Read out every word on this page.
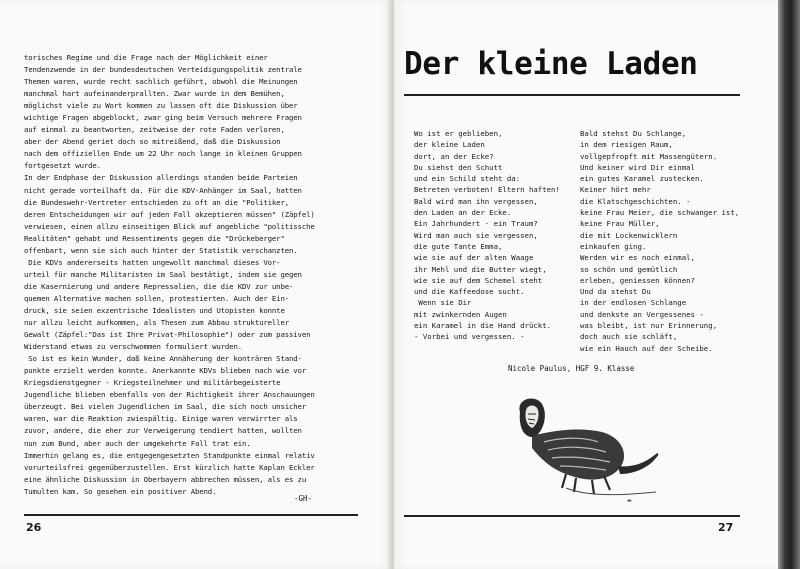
torisches Regime und die Frage nach der Möglichkeit einer
Tendenzwende in der bundesdeutschen Verteidigungspolitik zentrale
Themen waren, wurde recht sachlich geführt, obwohl die Meinungen
manchmal hart aufeinanderprallten. Zwar wurde in dem Bemühen,
möglichst viele zu Wort kommen zu lassen oft die Diskussion über
wichtige Fragen abgeblockt, zwar ging beim Versuch mehrere Fragen
auf einmal zu beantworten, zeitweise der rote Faden verloren,
aber der Abend geriet doch so mitreißend, daß die Diskussion
nach dem offiziellen Ende um 22 Uhr noch lange in kleinen Gruppen
fortgesetzt wurde.
In der Endphase der Diskussion allerdings standen beide Parteien
nicht gerade vorteilhaft da. Für die KDV-Anhänger im Saal, hatten
die Bundeswehr-Vertreter entschieden zu oft an die "Politiker,
deren Entscheidungen wir auf jeden Fall akzeptieren müssen" (Zäpfel)
verwiesen, einen allzu einseitigen Blick auf angebliche "politissche
Realitäten" gehabt und Ressentiments gegen die "Drückeberger"
offenbart, wenn sie sich auch hinter der Statistik verschanzten.
Die KDVs andererseits hatten ungewollt manchmal dieses Vor-
urteil für manche Militaristen im Saal bestätigt, indem sie gegen
die Kasernierung und andere Repressalien, die die KDV zur unbe-
quemen Alternative machen sollen, protestierten. Auch der Ein-
druck, sie seien exzentrische Idealisten und Utopisten konnte
nur allzu leicht aufkommen, als Thesen zum Abbau struktureller
Gewalt (Zäpfel:"Das ist Ihre Privat-Philosophie") oder zum passiven
Widerstand etwas zu verschwommen formuliert wurden.
So ist es kein Wunder, daß keine Annäherung der konträren Stand-
punkte erzielt werden konnte. Anerkannte KDVs blieben nach wie vor
Kriegsdienstgegner - Kriegsteilnehmer und militärbegeisterte
Jugendliche blieben ebenfalls von der Richtigkeit ihrer Anschauungen
überzeugt. Bei vielen Jugendlichen im Saal, die sich noch unsicher
waren, war die Reaktion zwiespältig. Einige waren verwirrter als
zuvor, andere, die eher zur Verweigerung tendiert hatten, wollten
nun zum Bund, aber auch der umgekehrte Fall trat ein.
Immerhin gelang es, die entgegengesetzten Standpunkte einmal relativ
vorurteilsfrei gegenüberzustellen. Erst kürzlich hatte Kaplan Eckler
eine ähnliche Diskussion in Oberbayern abbrechen müssen, als es zu
Tumulten kam. So gesehen ein positiver Abend.
-GH-
26
Der kleine Laden
Wo ist er geblieben,
der kleine Laden
dort, an der Ecke?
Du siehst den Schutt
und ein Schild steht da:
Betreten verboten! Eltern haften!
Bald wird man ihn vergessen,
den Laden an der Ecke.
Ein Jahrhundert - ein Traum?
Wird man auch sie vergessen,
die gute Tante Emma,
wie sie auf der alten Waage
ihr Mehl und die Butter wiegt,
wie sie auf dem Schemel steht
und die Kaffeedose sucht.
Wenn sie Dir
mit zwinkernden Augen
ein Karamel in die Hand drückt.
- Vorbei und vergessen. -
Bald stehst Du Schlange,
in dem riesigen Raum,
vollgepfropft mit Massengütern.
Und keiner wird Dir einmal
ein gutes Karamel zustecken.
Keiner hört mehr
die Klatschgeschichten. -
keine Frau Meier, die schwanger ist,
keine Frau Müller,
die mit Lockenwicklern
einkaufen ging.
Werden wir es noch einmal,
so schön und gemütlich
erleben, geniessen können?
Und da stehst Du
in der endlosen Schlange
und denkste an Vergessenes -
was bleibt, ist nur Erinnerung,
doch auch sie schläft,
wie ein Hauch auf der Scheibe.
Nicole Paulus, HGF 9. Klasse
▬
27
